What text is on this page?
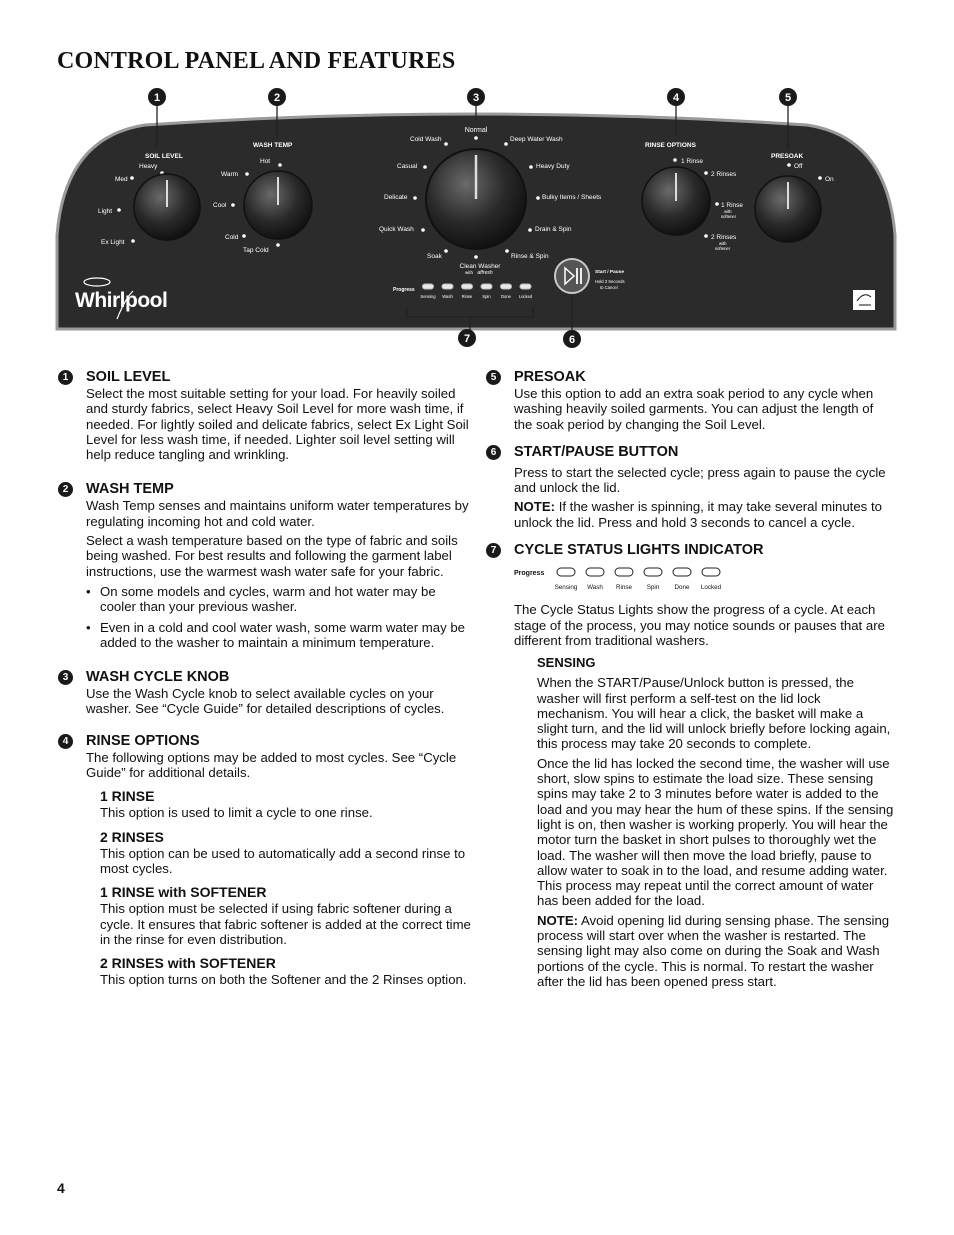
CONTROL PANEL AND FEATURES
1	2	3	4	5
7	6
SOIL LEVEL
Heavy
Med
Light
Ex Light
WASH TEMP
Hot
Warm
Cool
Cold
Tap Cold
Normal
Cold Wash	Deep Water Wash
Casual	Heavy Duty
Delicate	Bulky Items / Sheets
Quick Wash	Drain & Spin
Soak	Rinse & Spin
Clean Washer
with affresh
RINSE OPTIONS
1 Rinse
2 Rinses
1 Rinse
with
softener
2 Rinses
with
softener
PRESOAK
Off
On
Progress
Sensing Wash Rinse Spin Done Locked
Start / Pause
Hold 3 Seconds
to Cancel
Whirlpool
1	SOIL LEVEL

Select the most suitable setting for your load. For heavily soiled and sturdy fabrics, select Heavy Soil Level for more wash time, if needed. For lightly soiled and delicate fabrics, select Ex Light Soil Level for less wash time, if needed. Lighter soil level setting will help reduce tangling and wrinkling.

2	WASH TEMP

Wash Temp senses and maintains uniform water temperatures by regulating incoming hot and cold water.

Select a wash temperature based on the type of fabric and soils being washed. For best results and following the garment label instructions, use the warmest wash water safe for your fabric.

• On some models and cycles, warm and hot water may be cooler than your previous washer.
• Even in a cold and cool water wash, some warm water may be added to the washer to maintain a minimum temperature.
3	WASH CYCLE KNOB

Use the Wash Cycle knob to select available cycles on your washer. See “Cycle Guide” for detailed descriptions of cycles.

4	RINSE OPTIONS

The following options may be added to most cycles. See “Cycle Guide” for additional details.

1 RINSE

This option is used to limit a cycle to one rinse.

2 RINSES

This option can be used to automatically add a second rinse to most cycles.

1 RINSE with SOFTENER

This option must be selected if using fabric softener during a cycle. It ensures that fabric softener is added at the correct time in the rinse for even distribution.

2 RINSES with SOFTENER

This option turns on both the Softener and the 2 Rinses option.

5	PRESOAK

Use this option to add an extra soak period to any cycle when washing heavily soiled garments. You can adjust the length of the soak period by changing the Soil Level.

6	START/PAUSE BUTTON

Press to start the selected cycle; press again to pause the cycle and unlock the lid.

NOTE: If the washer is spinning, it may take several minutes to unlock the lid. Press and hold 3 seconds to cancel a cycle.

7	CYCLE STATUS LIGHTS INDICATOR
Progress
Sensing Wash Rinse Spin Done Locked

The Cycle Status Lights show the progress of a cycle. At each stage of the process, you may notice sounds or pauses that are different from traditional washers.

SENSING

When the START/Pause/Unlock button is pressed, the washer will first perform a self-test on the lid lock mechanism. You will hear a click, the basket will make a slight turn, and the lid will unlock briefly before locking again, this process may take 20 seconds to complete.

Once the lid has locked the second time, the washer will use short, slow spins to estimate the load size. These sensing spins may take 2 to 3 minutes before water is added to the load and you may hear the hum of these spins. If the sensing light is on, then washer is working properly. You will hear the motor turn the basket in short pulses to thoroughly wet the load. The washer will then move the load briefly, pause to allow water to soak in to the load, and resume adding water. This process may repeat until the correct amount of water has been added for the load.

NOTE: Avoid opening lid during sensing phase. The sensing process will start over when the washer is restarted. The sensing light may also come on during the Soak and Wash portions of the cycle. This is normal. To restart the washer after the lid has been opened press start.

4
